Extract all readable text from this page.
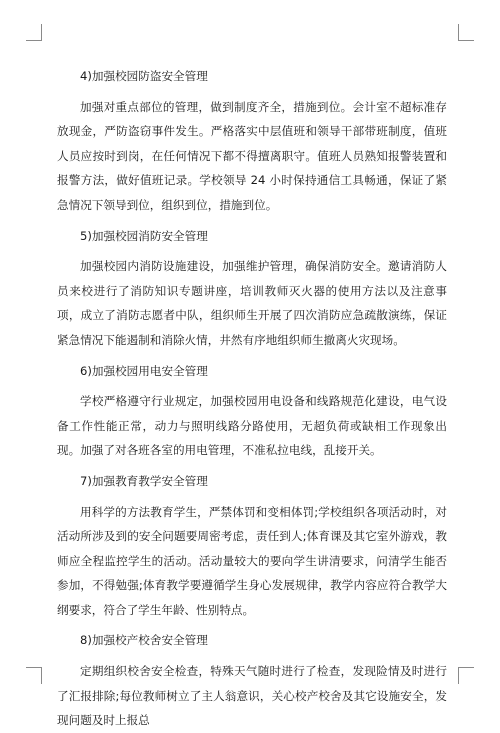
4)加强校园防盗安全管理

加强对重点部位的管理，做到制度齐全，措施到位。会计室不超标准存放现金，严防盗窃事件发生。严格落实中层值班和领导干部带班制度，值班人员应按时到岗，在任何情况下都不得擅离职守。值班人员熟知报警装置和报警方法，做好值班记录。学校领导 24 小时保持通信工具畅通，保证了紧急情况下领导到位，组织到位，措施到位。

5)加强校园消防安全管理

加强校园内消防设施建设，加强维护管理，确保消防安全。邀请消防人员来校进行了消防知识专题讲座，培训教师灭火器的使用方法以及注意事项，成立了消防志愿者中队，组织师生开展了四次消防应急疏散演练，保证紧急情况下能遏制和消除火情，井然有序地组织师生撤离火灾现场。

6)加强校园用电安全管理

学校严格遵守行业规定，加强校园用电设备和线路规范化建设，电气设备工作性能正常，动力与照明线路分路使用，无超负荷或缺相工作现象出现。加强了对各班各室的用电管理，不准私拉电线，乱接开关。

7)加强教育教学安全管理

用科学的方法教育学生，严禁体罚和变相体罚;学校组织各项活动时，对活动所涉及到的安全问题要周密考虑，责任到人;体育课及其它室外游戏，教师应全程监控学生的活动。活动量较大的要向学生讲清要求，问清学生能否参加，不得勉强;体育教学要遵循学生身心发展规律，教学内容应符合教学大纲要求，符合了学生年龄、性别特点。

8)加强校产校舍安全管理

定期组织校舍安全检查，特殊天气随时进行了检查，发现险情及时进行了汇报排除;每位教师树立了主人翁意识，关心校产校舍及其它设施安全，发现问题及时上报总
